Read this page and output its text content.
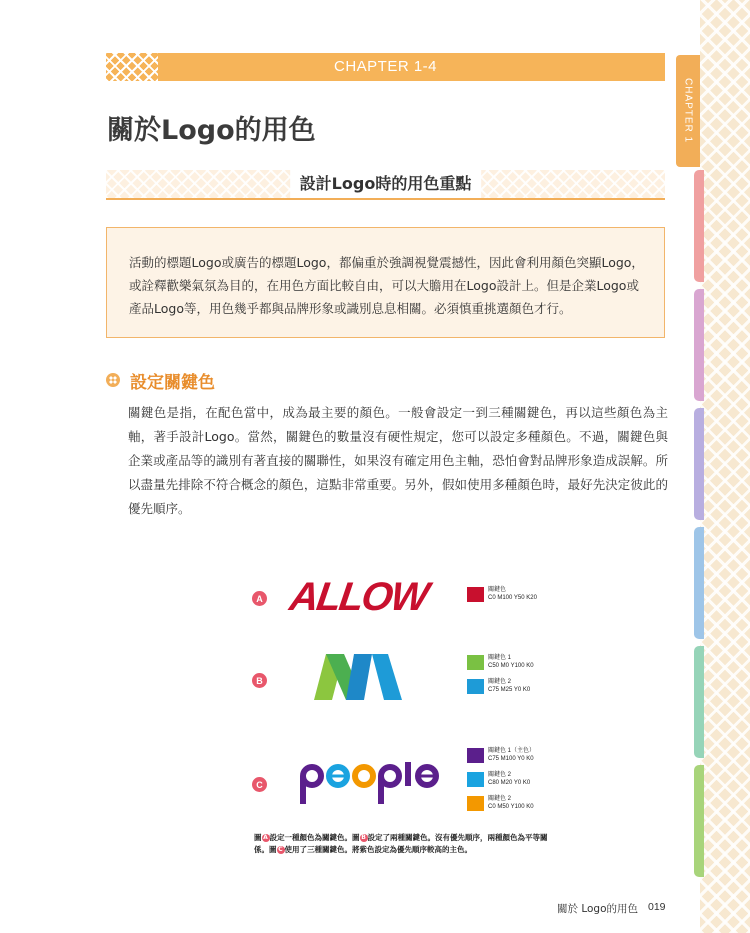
CHAPTER 1
CHAPTER 1-4
關於Logo的用色
設計Logo時的用色重點

活動的標題Logo或廣告的標題Logo，都偏重於強調視覺震撼性，因此會利用顏色突顯Logo，或詮釋歡樂氣氛為目的，在用色方面比較自由，可以大膽用在Logo設計上。但是企業Logo或產品Logo等，用色幾乎都與品牌形象或識別息息相關。必須慎重挑選顏色才行。

設定關鍵色

關鍵色是指，在配色當中，成為最主要的顏色。一般會設定一到三種關鍵色，再以這些顏色為主軸，著手設計Logo。當然，關鍵色的數量沒有硬性規定，您可以設定多種顏色。不過，關鍵色與企業或產品等的識別有著直接的關聯性，如果沒有確定用色主軸，恐怕會對品牌形象造成誤解。所以盡量先排除不符合概念的顏色，這點非常重要。另外，假如使用多種顏色時，最好先決定彼此的優先順序。

A
B
C
ALLOW	關鍵色
C0 M100 Y50 K20
關鍵色 1
C50 M0 Y100 K0
關鍵色 2
C75 M25 Y0 K0
關鍵色 1（主色）
C75 M100 Y0 K0
關鍵色 2
C80 M20 Y0 K0
關鍵色 2
C0 M50 Y100 K0

圖 A 設定一種顏色為關鍵色。圖 B 設定了兩種關鍵色。沒有優先順序，兩種顏色為平等關係。圖 C 使用了三種關鍵色。將紫色設定為優先順序較高的主色。

關於 Logo的用色 019
